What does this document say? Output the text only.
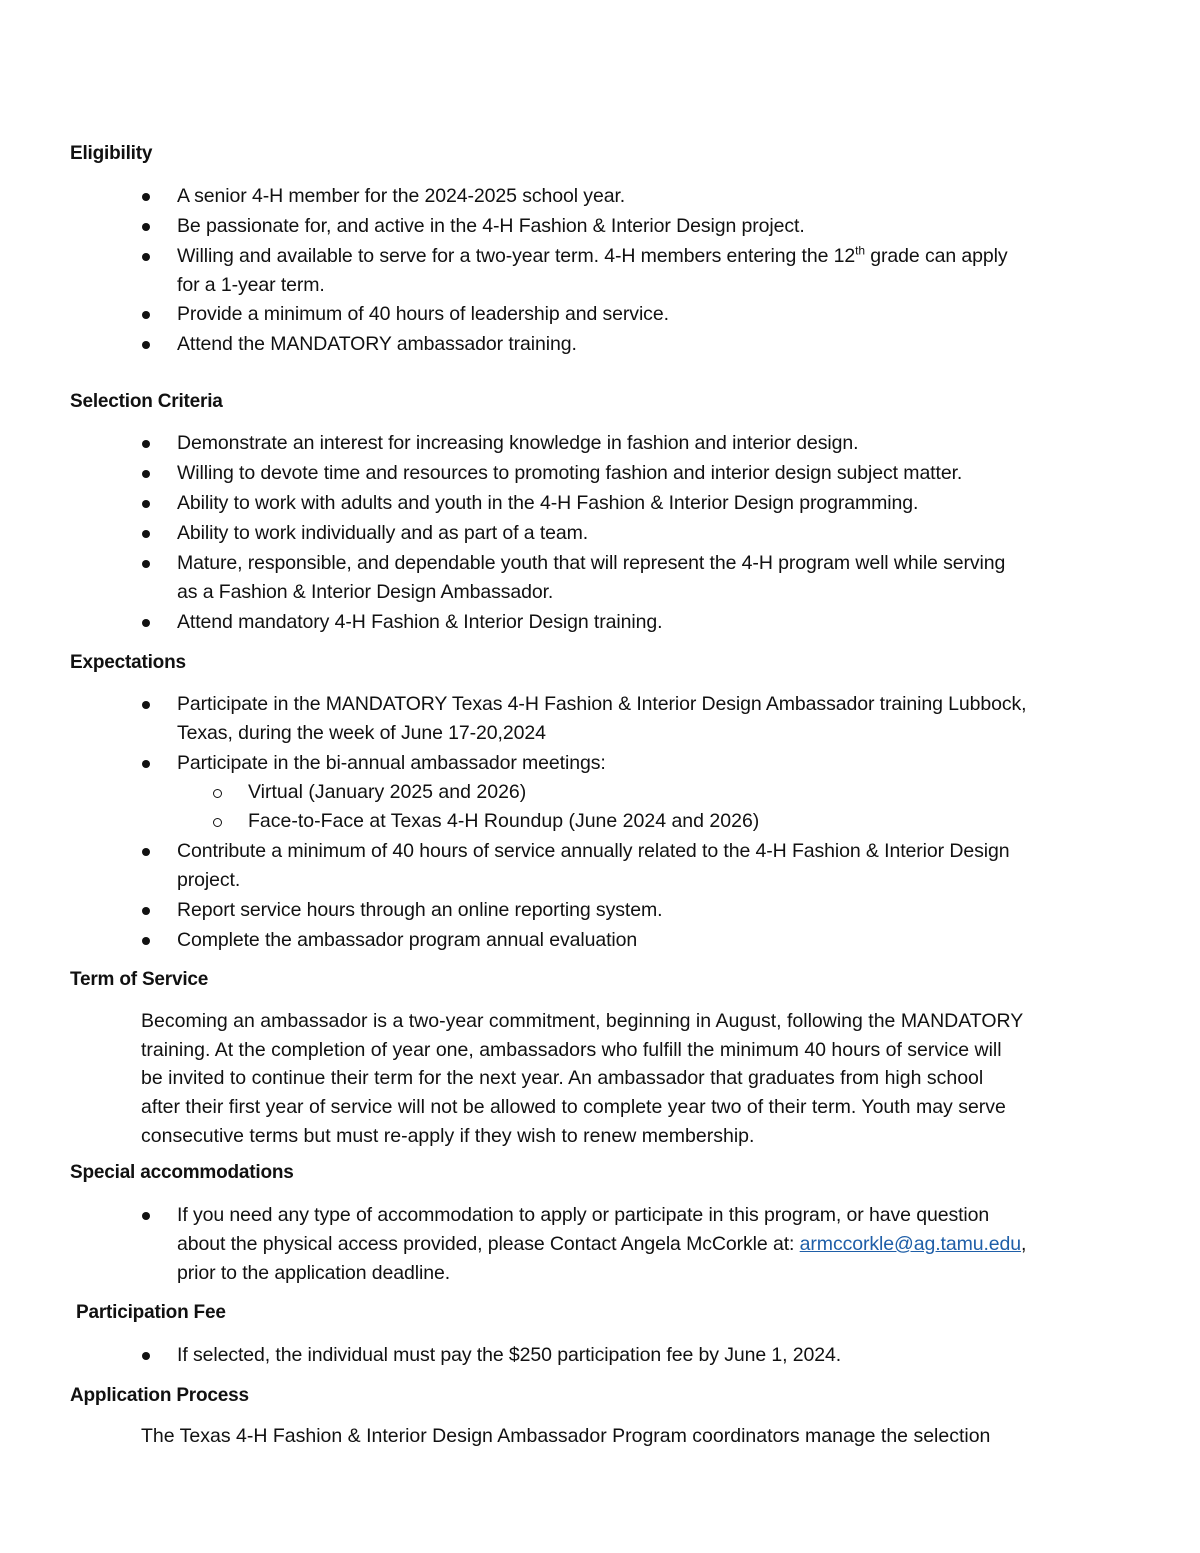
Eligibility
A senior 4-H member for the 2024-2025 school year.
Be passionate for, and active in the 4-H Fashion & Interior Design project.
Willing and available to serve for a two-year term. 4-H members entering the 12th grade can apply
for a 1-year term.
Provide a minimum of 40 hours of leadership and service.
Attend the MANDATORY ambassador training.
Selection Criteria
Demonstrate an interest for increasing knowledge in fashion and interior design.
Willing to devote time and resources to promoting fashion and interior design subject matter.
Ability to work with adults and youth in the 4-H Fashion & Interior Design programming.
Ability to work individually and as part of a team.
Mature, responsible, and dependable youth that will represent the 4-H program well while serving
as a Fashion & Interior Design Ambassador.
Attend mandatory 4-H Fashion & Interior Design training.
Expectations
Participate in the MANDATORY Texas 4-H Fashion & Interior Design Ambassador training Lubbock,
Texas, during the week of June 17-20,2024
Participate in the bi-annual ambassador meetings:
Virtual (January 2025 and 2026)
Face-to-Face at Texas 4-H Roundup (June 2024 and 2026)
Contribute a minimum of 40 hours of service annually related to the 4-H Fashion & Interior Design
project.
Report service hours through an online reporting system.
Complete the ambassador program annual evaluation
Term of Service
Becoming an ambassador is a two-year commitment, beginning in August, following the MANDATORY
training. At the completion of year one, ambassadors who fulfill the minimum 40 hours of service will
be invited to continue their term for the next year. An ambassador that graduates from high school
after their first year of service will not be allowed to complete year two of their term. Youth may serve
consecutive terms but must re-apply if they wish to renew membership.
Special accommodations
If you need any type of accommodation to apply or participate in this program, or have question
about the physical access provided, please Contact Angela McCorkle at: armccorkle@ag.tamu.edu,
prior to the application deadline.
Participation Fee
If selected, the individual must pay the $250 participation fee by June 1, 2024.
Application Process
The Texas 4-H Fashion & Interior Design Ambassador Program coordinators manage the selection
